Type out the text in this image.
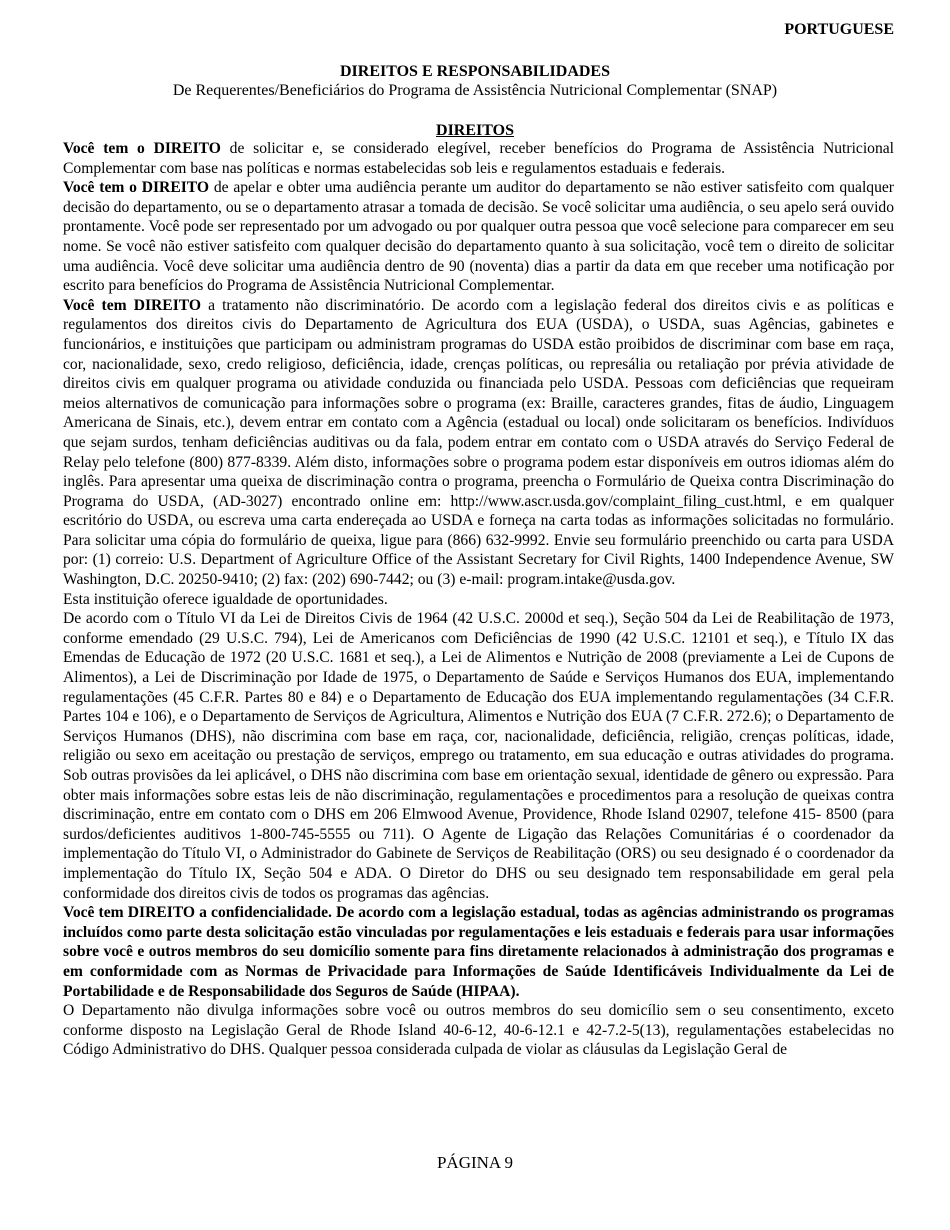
PORTUGUESE
DIREITOS E RESPONSABILIDADES
De Requerentes/Beneficiários do Programa de Assistência Nutricional Complementar (SNAP)
DIREITOS

Você tem o DIREITO de solicitar e, se considerado elegível, receber benefícios do Programa de Assistência Nutricional Complementar com base nas políticas e normas estabelecidas sob leis e regulamentos estaduais e federais.

Você tem o DIREITO de apelar e obter uma audiência perante um auditor do departamento se não estiver satisfeito com qualquer decisão do departamento, ou se o departamento atrasar a tomada de decisão. Se você solicitar uma audiência, o seu apelo será ouvido prontamente. Você pode ser representado por um advogado ou por qualquer outra pessoa que você selecione para comparecer em seu nome. Se você não estiver satisfeito com qualquer decisão do departamento quanto à sua solicitação, você tem o direito de solicitar uma audiência. Você deve solicitar uma audiência dentro de 90 (noventa) dias a partir da data em que receber uma notificação por escrito para benefícios do Programa de Assistência Nutricional Complementar.

Você tem DIREITO a tratamento não discriminatório. De acordo com a legislação federal dos direitos civis e as políticas e regulamentos dos direitos civis do Departamento de Agricultura dos EUA (USDA), o USDA, suas Agências, gabinetes e funcionários, e instituições que participam ou administram programas do USDA estão proibidos de discriminar com base em raça, cor, nacionalidade, sexo, credo religioso, deficiência, idade, crenças políticas, ou represália ou retaliação por prévia atividade de direitos civis em qualquer programa ou atividade conduzida ou financiada pelo USDA. Pessoas com deficiências que requeiram meios alternativos de comunicação para informações sobre o programa (ex: Braille, caracteres grandes, fitas de áudio, Linguagem Americana de Sinais, etc.), devem entrar em contato com a Agência (estadual ou local) onde solicitaram os benefícios. Indivíduos que sejam surdos, tenham deficiências auditivas ou da fala, podem entrar em contato com o USDA através do Serviço Federal de Relay pelo telefone (800) 877-8339. Além disto, informações sobre o programa podem estar disponíveis em outros idiomas além do inglês. Para apresentar uma queixa de discriminação contra o programa, preencha o Formulário de Queixa contra Discriminação do Programa do USDA, (AD-3027) encontrado online em: http://www.ascr.usda.gov/complaint_filing_cust.html, e em qualquer escritório do USDA, ou escreva uma carta endereçada ao USDA e forneça na carta todas as informações solicitadas no formulário. Para solicitar uma cópia do formulário de queixa, ligue para (866) 632-9992. Envie seu formulário preenchido ou carta para USDA por: (1) correio: U.S. Department of Agriculture Office of the Assistant Secretary for Civil Rights, 1400 Independence Avenue, SW Washington, D.C. 20250-9410; (2) fax: (202) 690-7442; ou (3) e-mail: program.intake@usda.gov.

Esta instituição oferece igualdade de oportunidades.

De acordo com o Título VI da Lei de Direitos Civis de 1964 (42 U.S.C. 2000d et seq.), Seção 504 da Lei de Reabilitação de 1973, conforme emendado (29 U.S.C. 794), Lei de Americanos com Deficiências de 1990 (42 U.S.C. 12101 et seq.), e Título IX das Emendas de Educação de 1972 (20 U.S.C. 1681 et seq.), a Lei de Alimentos e Nutrição de 2008 (previamente a Lei de Cupons de Alimentos), a Lei de Discriminação por Idade de 1975, o Departamento de Saúde e Serviços Humanos dos EUA, implementando regulamentações (45 C.F.R. Partes 80 e 84) e o Departamento de Educação dos EUA implementando regulamentações (34 C.F.R. Partes 104 e 106), e o Departamento de Serviços de Agricultura, Alimentos e Nutrição dos EUA (7 C.F.R. 272.6); o Departamento de Serviços Humanos (DHS), não discrimina com base em raça, cor, nacionalidade, deficiência, religião, crenças políticas, idade, religião ou sexo em aceitação ou prestação de serviços, emprego ou tratamento, em sua educação e outras atividades do programa. Sob outras provisões da lei aplicável, o DHS não discrimina com base em orientação sexual, identidade de gênero ou expressão. Para obter mais informações sobre estas leis de não discriminação, regulamentações e procedimentos para a resolução de queixas contra discriminação, entre em contato com o DHS em 206 Elmwood Avenue, Providence, Rhode Island 02907, telefone 415- 8500 (para surdos/deficientes auditivos 1-800-745-5555 ou 711). O Agente de Ligação das Relações Comunitárias é o coordenador da implementação do Título VI, o Administrador do Gabinete de Serviços de Reabilitação (ORS) ou seu designado é o coordenador da implementação do Título IX, Seção 504 e ADA. O Diretor do DHS ou seu designado tem responsabilidade em geral pela conformidade dos direitos civis de todos os programas das agências.

Você tem DIREITO a confidencialidade. De acordo com a legislação estadual, todas as agências administrando os programas incluídos como parte desta solicitação estão vinculadas por regulamentações e leis estaduais e federais para usar informações sobre você e outros membros do seu domicílio somente para fins diretamente relacionados à administração dos programas e em conformidade com as Normas de Privacidade para Informações de Saúde Identificáveis Individualmente da Lei de Portabilidade e de Responsabilidade dos Seguros de Saúde (HIPAA).

O Departamento não divulga informações sobre você ou outros membros do seu domicílio sem o seu consentimento, exceto conforme disposto na Legislação Geral de Rhode Island 40-6-12, 40-6-12.1 e 42-7.2-5(13), regulamentações estabelecidas no Código Administrativo do DHS. Qualquer pessoa considerada culpada de violar as cláusulas da Legislação Geral de

PÁGINA 9
